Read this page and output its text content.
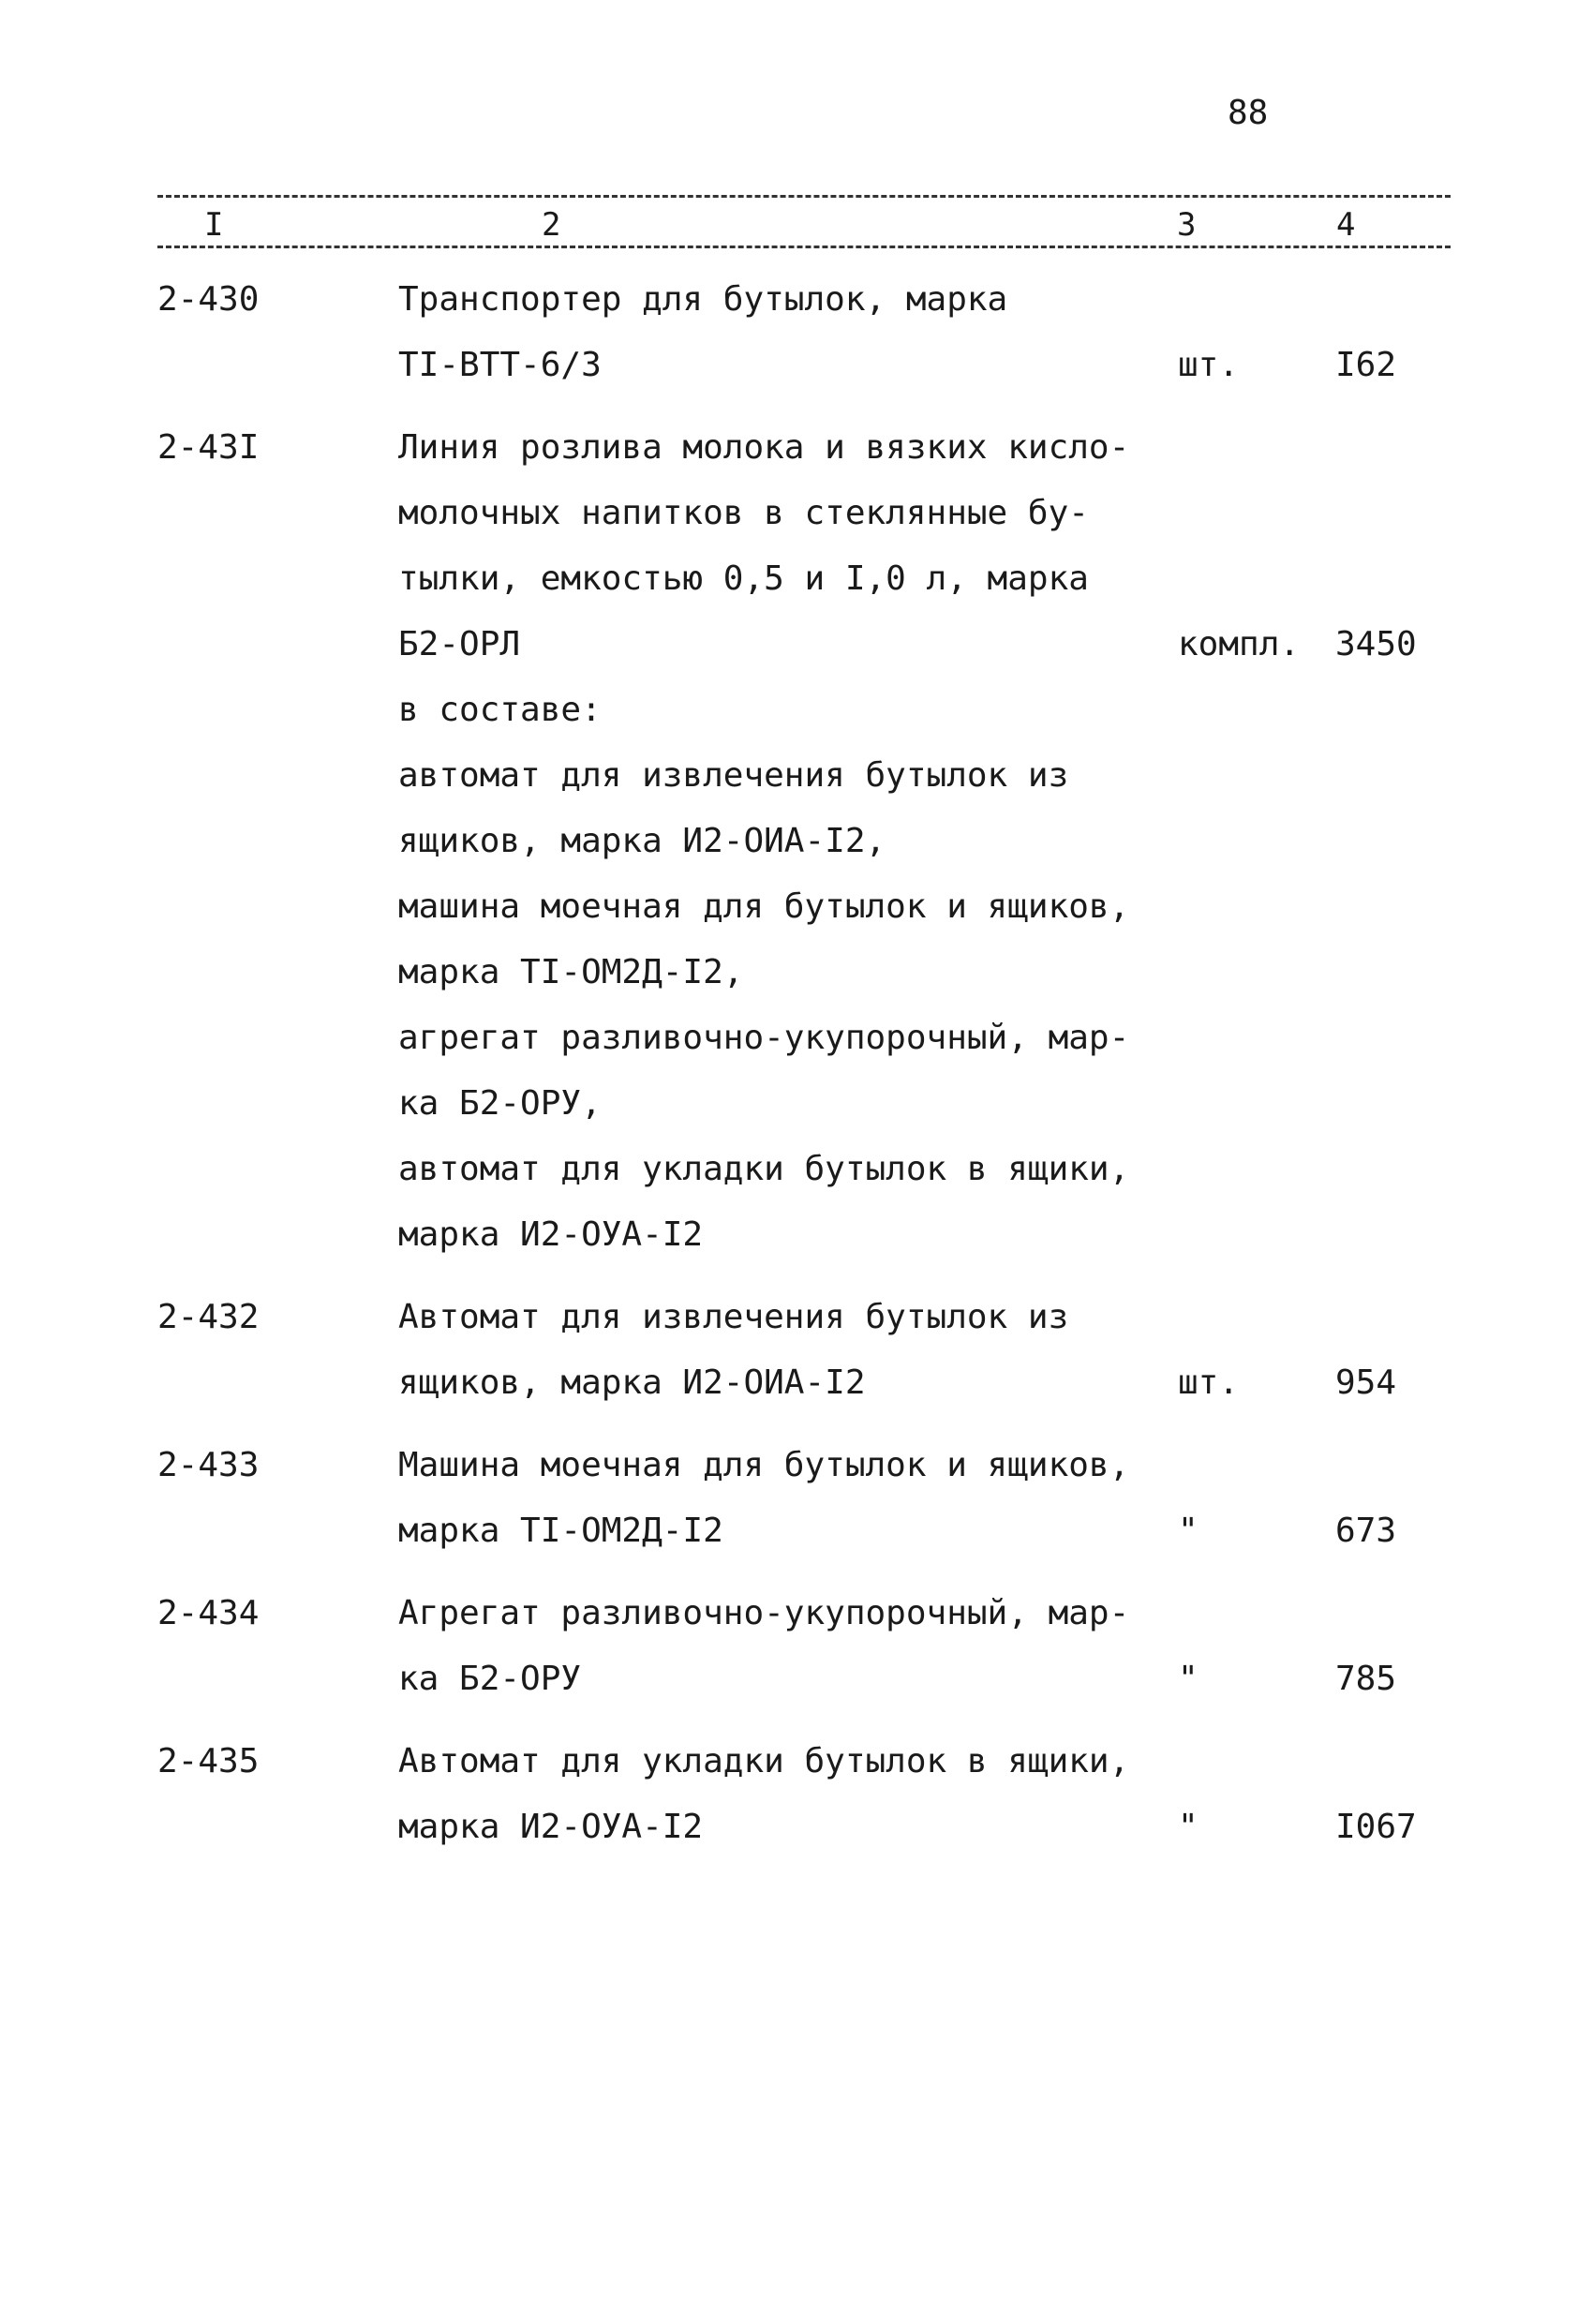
88
I	2	3	4
2-430	Транспортер для бутылок, марка
TI-BTT-6/3	шт.	I62
2-43I	Линия розлива молока и вязких кисло-
молочных напитков в стеклянные бу-
тылки, емкостью 0,5 и I,0 л, марка
Б2-ОРЛ	компл. 3450
в составе:
автомат для извлечения бутылок из
ящиков, марка И2-ОИА-I2,
машина моечная для бутылок и ящиков,
марка TI-ОМ2Д-I2,
агрегат разливочно-укупорочный, мар-
ка Б2-ОРУ,
автомат для укладки бутылок в ящики,
марка И2-ОУА-I2
2-432	Автомат для извлечения бутылок из
ящиков, марка И2-ОИА-I2	шт.	954
2-433	Машина моечная для бутылок и ящиков,
марка TI-ОМ2Д-I2	"	673
2-434	Агрегат разливочно-укупорочный, мар-
ка Б2-ОРУ	"	785
2-435	Автомат для укладки бутылок в ящики,
марка И2-ОУА-I2	"	I067
